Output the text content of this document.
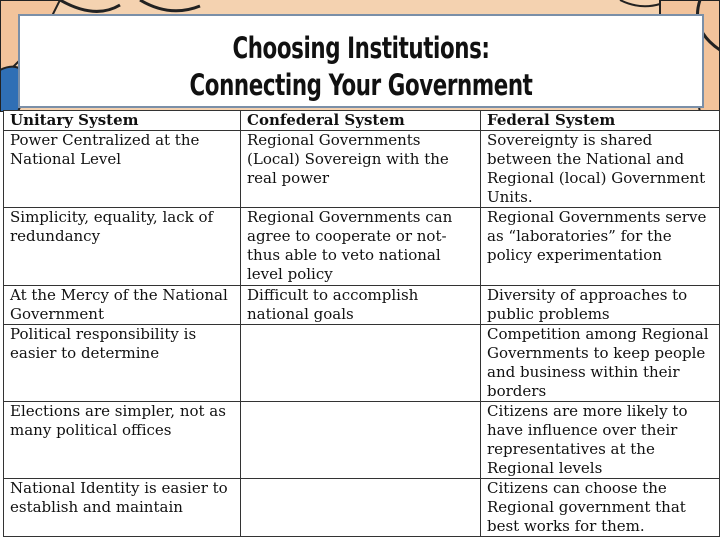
Choosing Institutions:
Connecting Your Government
Unitary System	Confederal System	Federal System
Power Centralized at the National Level	Regional Governments (Local) Sovereign with the real power	Sovereignty is shared between the National and Regional (local) Government Units.
Simplicity, equality, lack of redundancy	Regional Governments can agree to cooperate or not-thus able to veto national level policy	Regional Governments serve as “laboratories” for the policy experimentation
At the Mercy of the National Government	Difficult to accomplish national goals	Diversity of approaches to public problems
Political responsibility is easier to determine		Competition among Regional Governments to keep people and business within their borders
Elections are simpler, not as many political offices		Citizens are more likely to have influence over their representatives at the Regional levels
National Identity is easier to establish and maintain		Citizens can choose the Regional government that best works for them.
